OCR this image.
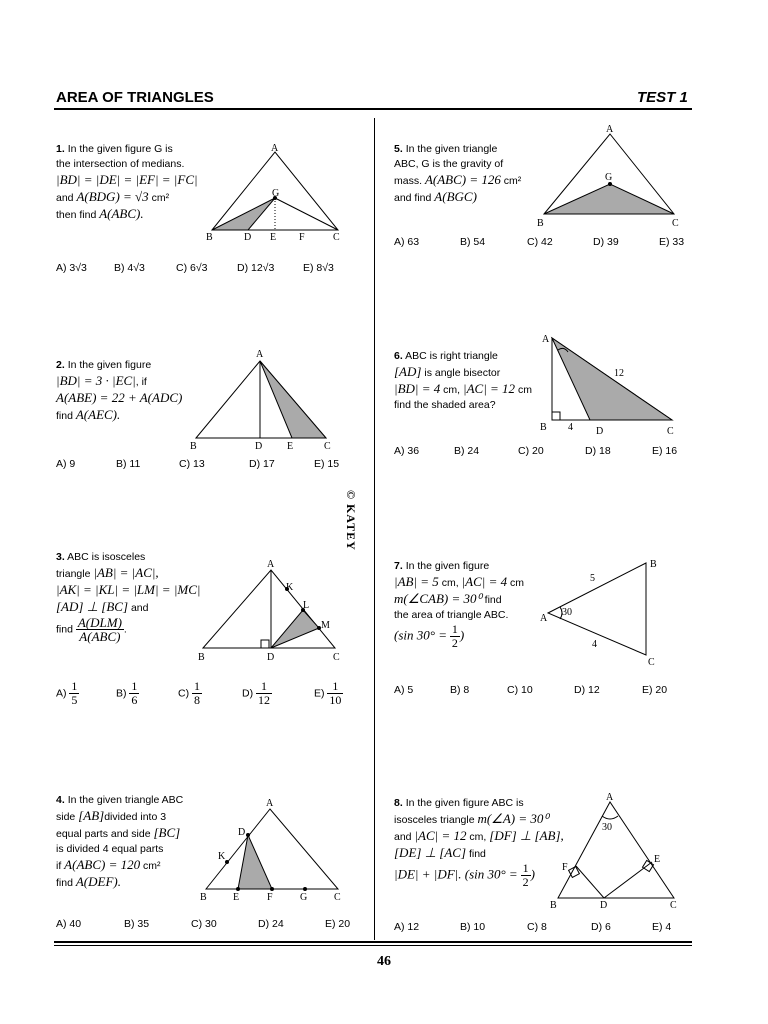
AREA OF TRIANGLES	TEST 1
© KATEY
46
1. In the given figure G is
the intersection of medians.
|BD| = |DE| = |EF| = |FC|
and A(BDG) = √3 cm²
then find A(ABC).
A
G
B	D E F	C
A) 3√3	B) 4√3	C) 6√3	D) 12√3	E) 8√3
2. In the given figure
|BD| = 3 · |EC|, if
A(ABE) = 22 + A(ADC)
find A(AEC).
A
B	D E	C
A) 9	B) 11	C) 13	D) 17	E) 15
3. ABC is isosceles
triangle |AB| = |AC|,
|AK| = |KL| = |LM| = |MC|
[AD] ⊥ [BC] and
find $\frac{\text{A(DLM)}}{\text{A(ABC)}}$ .
A
K
L
M
B	D	C
$A) \frac{1}{5}$	$B) \frac{1}{6}$	$C) \frac{1}{8}$	$D) \frac{1}{12}$	$E) \frac{1}{10}$
4. In the given triangle ABC
side [AB]divided into 3
equal parts and side [BC]
is divided 4 equal parts
if A(ABC) = 120 cm²
find A(DEF).
A
D
K
B	E	F	G	C
A) 40	B) 35	C) 30	D) 24	E) 20
5. In the given triangle
ABC, G is the gravity of
mass. A(ABC) = 126 cm²
and find A(BGC)
A
G
B	C
A) 63	B) 54	C) 42	D) 39	E) 33
6. ABC is right triangle
[AD] is angle bisector
|BD| = 4 cm, |AC| = 12 cm
find the shaded area?
A
12
4
B	D	C
A) 36	B) 24	C) 20	D) 18	E) 16
7. In the given figure
|AB| = 5 cm, |AC| = 4 cm
m(∠CAB) = 30⁰ find
the area of triangle ABC.
(sin $30^\circ = \frac{1}{2}$ )
A
30
5
4
B
C
A) 5	B) 8	C) 10	D) 12	E) 20
8. In the given figure ABC is
isosceles triangle m(∠A) = 30⁰
and |AC| = 12 cm, [DF] ⊥ [AB],
[DE] ⊥ [AC] find
|DE| + |DF|. (sin $30^\circ = \frac{1}{2}$ )
A
30
F
E
B	D	C
A) 12	B) 10	C) 8	D) 6	E) 4
